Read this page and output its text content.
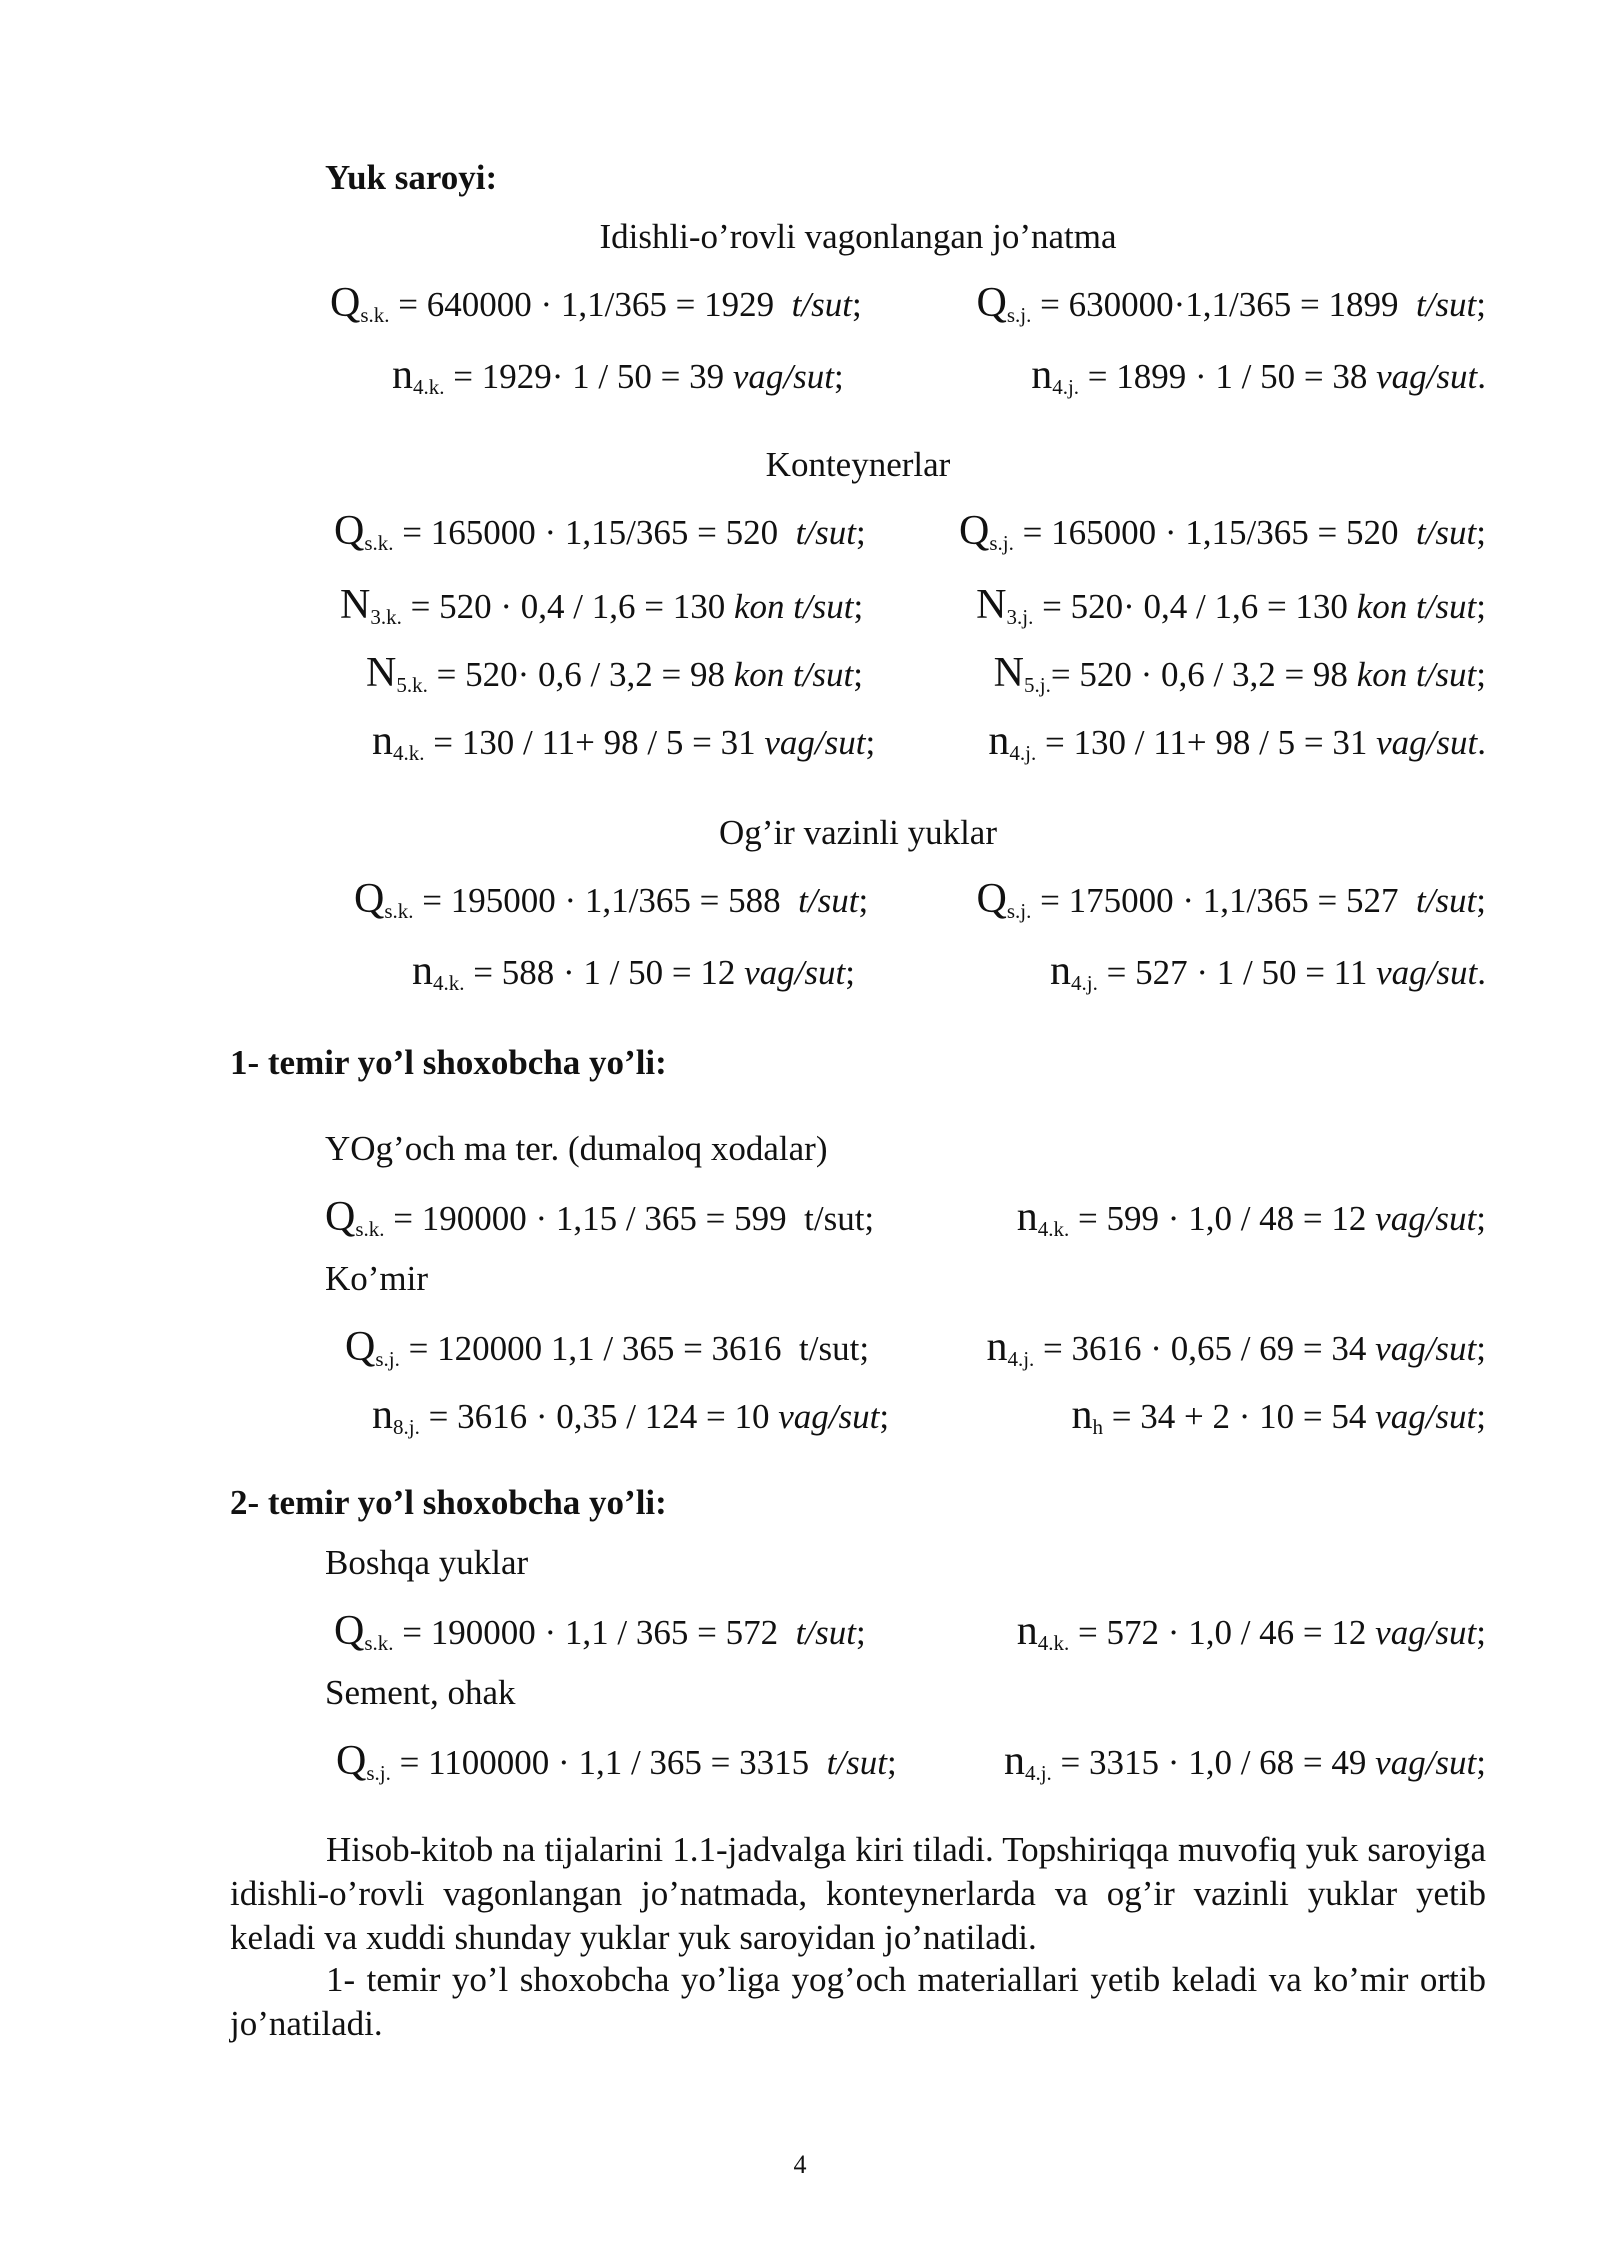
Yuk saroyi:
Idishli-o’rovli vagonlangan jo’natma
$Q_{s.k.} = 640000 \cdot 1,1/365 = 1929$  t/sut;	$Q_{s.j.} = 630000\cdot 1,1/365 = 1899$  t/sut;
$n_{4.k.} = 1929\cdot 1 / 50 = 39$ vag/sut;	$n_{4.j.} = 1899 \cdot 1 / 50 = 38$ vag/sut.
Konteynerlar
$Q_{s.k.} = 165000 \cdot 1,15/365 = 520$  t/sut; $Q_{s.j.} = 165000 \cdot 1,15/365 = 520$  t/sut;
$N_{3.k.} = 520 \cdot 0,4 / 1,6 = 130$ kon t/sut;	$N_{3.j.} = 520\cdot 0,4 / 1,6 = 130$ kon t/sut;
$N_{5.k.} = 520\cdot 0,6 / 3,2 = 98$ kon t/sut;	$N_{5.j.}= 520 \cdot 0,6 / 3,2 = 98$ kon t/sut;
$n_{4.k.} = 130 / 11+ 98 / 5 = 31$ vag/sut;	$n_{4.j.} = 130 / 11+ 98 / 5 = 31$ vag/sut.
Og’ir vazinli yuklar
$Q_{s.k.} = 195000 \cdot 1,1/365 = 588$  t/sut;	$Q_{s.j.} = 175000 \cdot 1,1/365 = 527$  t/sut;
$n_{4.k.} = 588 \cdot 1 / 50 = 12$ vag/sut;	$n_{4.j.} = 527 \cdot 1 / 50 = 11$ vag/sut.
1- temir yo’l shoxobcha yo’li:
YOg’och ma ter. (dumaloq xodalar)
$Q_{s.k.} = 190000 \cdot 1,15 / 365 = 599$  t/sut;	$n_{4.k.} = 599 \cdot 1,0 / 48 = 12$ vag/sut;
Ko’mir
$Q_{s.j.} = 120000$ 1,1 / 365 = 3616  t/sut;	$n_{4.j.} = 3616 \cdot 0,65 / 69 = 34$ vag/sut;
$n_{8.j.} = 3616 \cdot 0,35 / 124 = 10$ vag/sut;	$n_h = 34 + 2 \cdot 10 = 54$ vag/sut;
2- temir yo’l shoxobcha yo’li:
Boshqa yuklar
$Q_{s.k.} = 190000 \cdot 1,1 / 365 = 572$  t/sut;	$n_{4.k.} = 572 \cdot 1,0 / 46 = 12$ vag/sut;
Sement, ohak
$Q_{s.j.} = 1100000 \cdot 1,1 / 365 = 3315$  t/sut;	$n_{4.j.} = 3315 \cdot 1,0 / 68 = 49$ vag/sut;
Hisob-kitob na tijalarini 1.1-jadvalga kiri tiladi. Topshiriqqa muvofiq yuk saroyiga idishli-o’rovli vagonlangan jo’natmada, konteynerlarda va og’ir vazinli yuklar yetib keladi va xuddi shunday yuklar yuk saroyidan jo’natiladi.
1- temir yo’l shoxobcha yo’liga yog’och materiallari yetib keladi va ko’mir ortib jo’natiladi.
4
